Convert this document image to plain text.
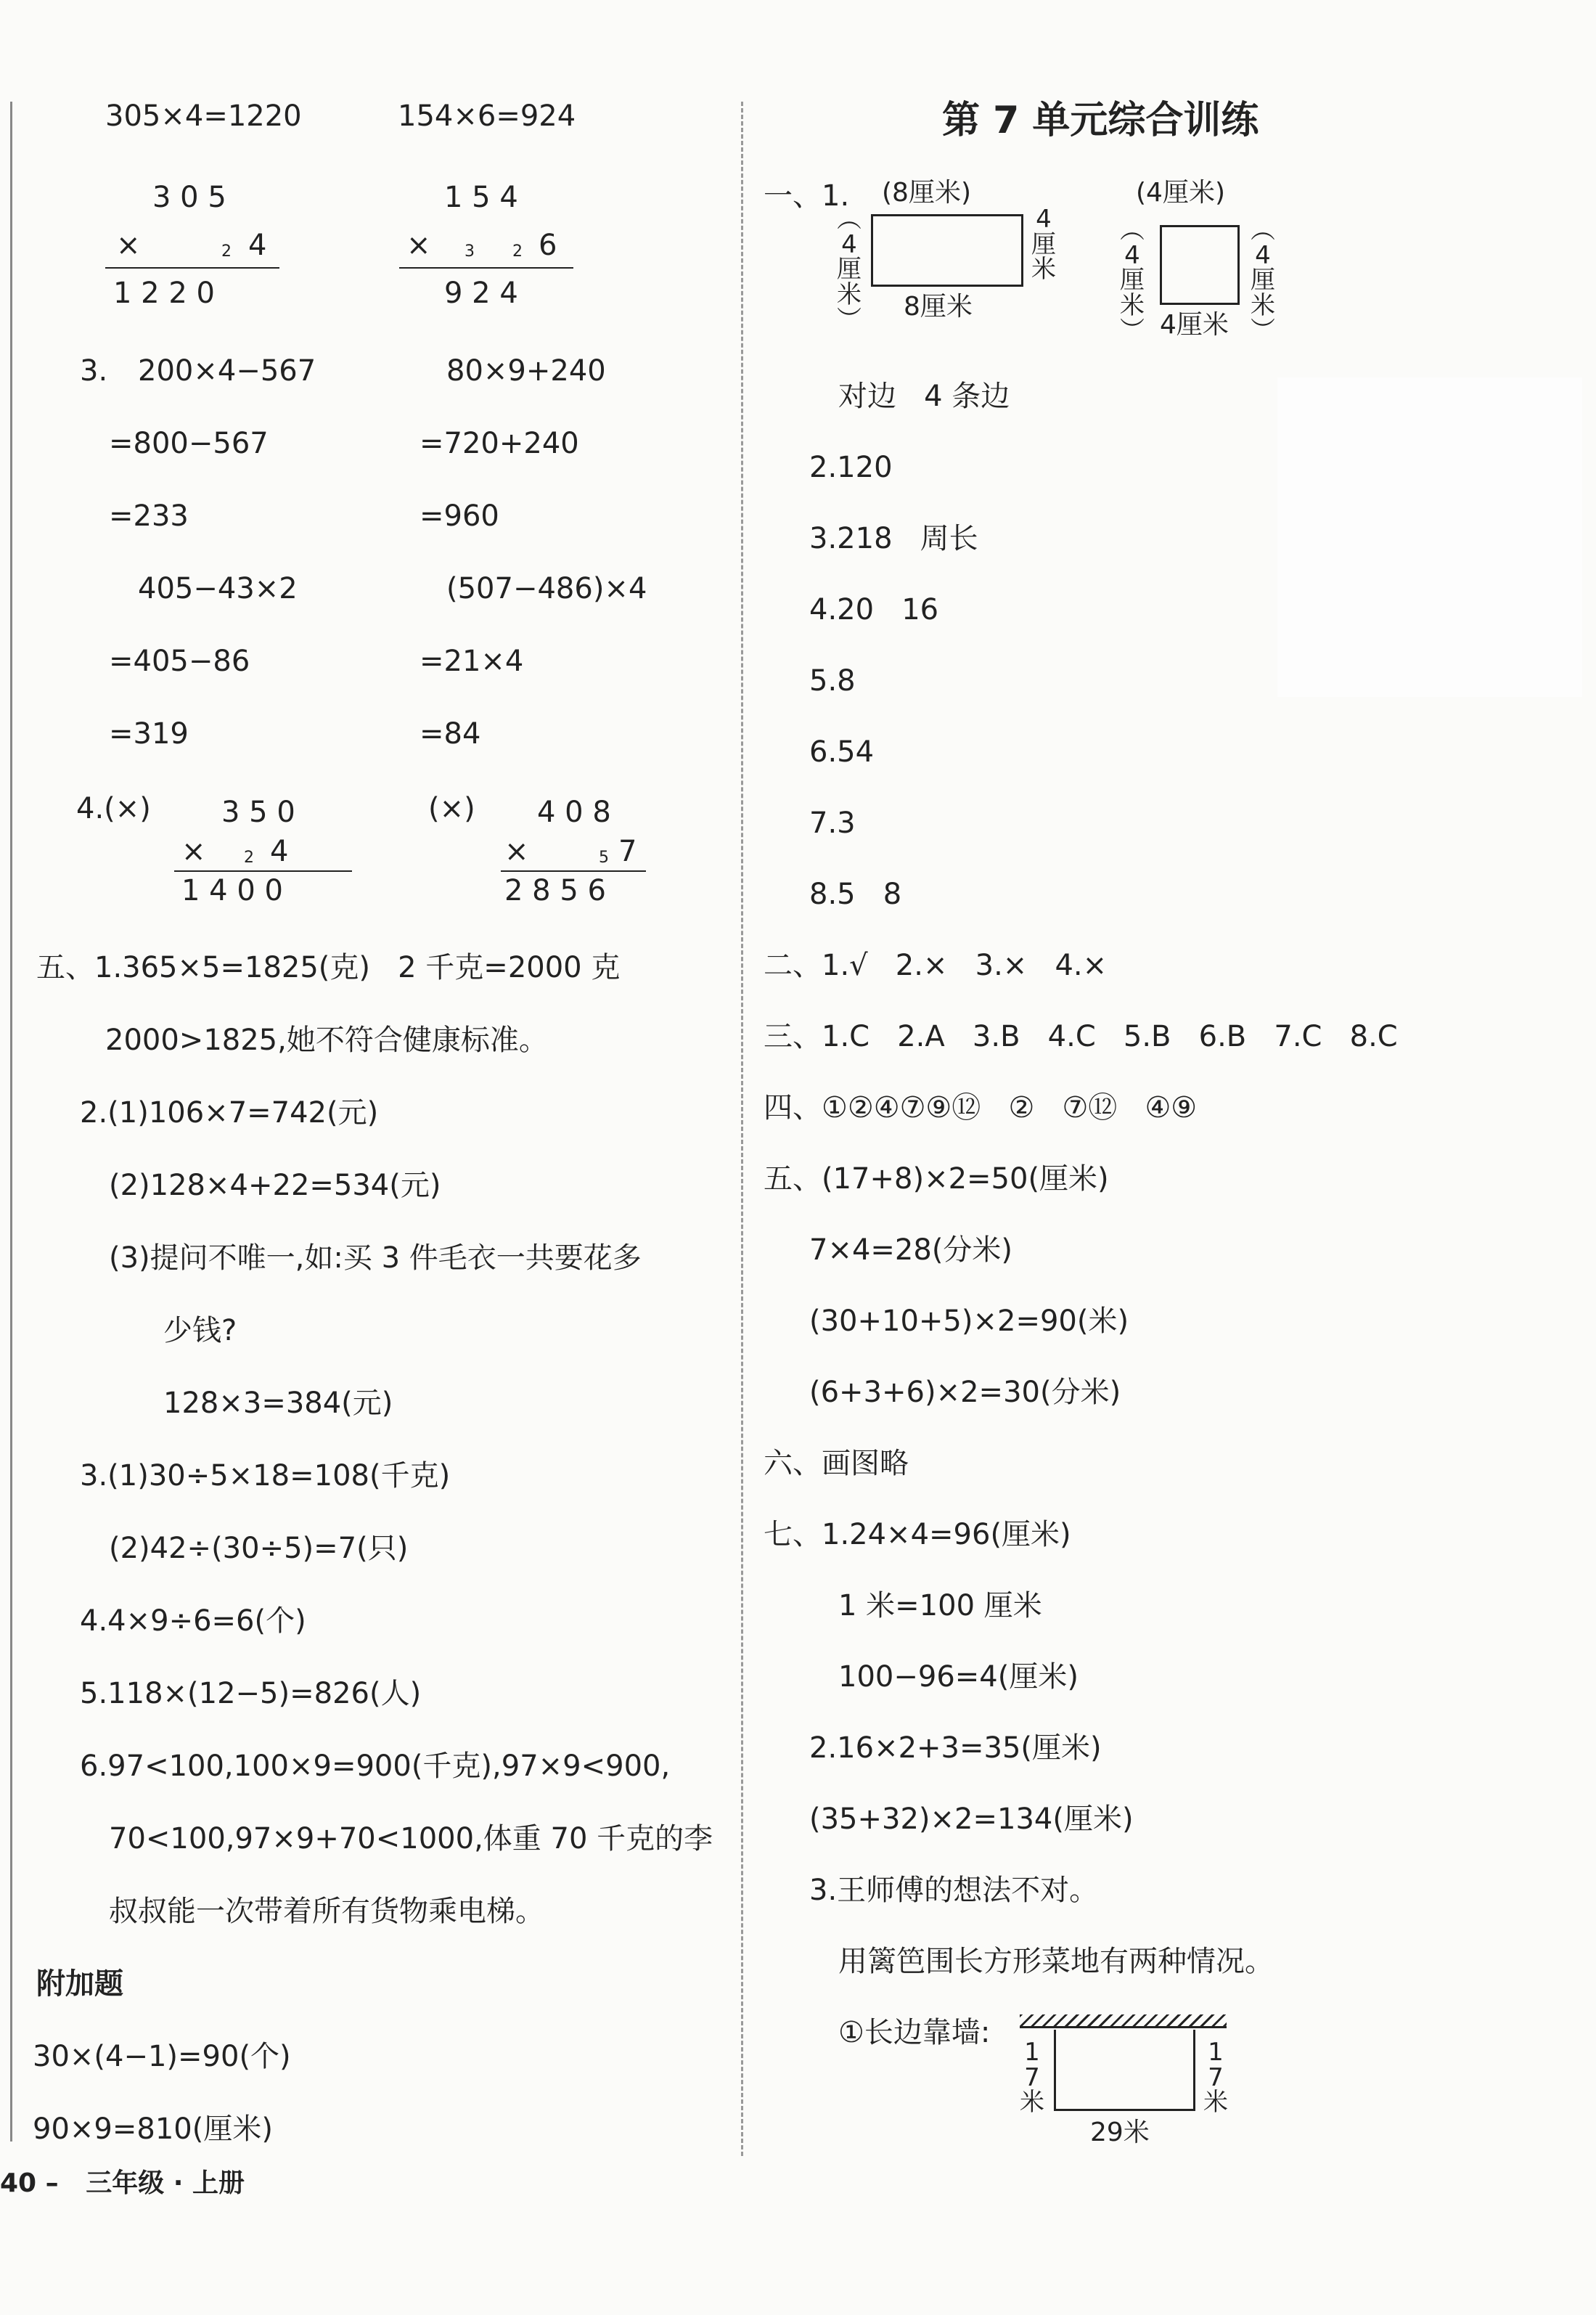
305×4=1220	154×6=924
3 0 5
×	2 4
1 2 2 0
1 5 4
× 3 2 6
9 2 4
3. 200×4−567	80×9+240
=800−567	=720+240
=233	=960
405−43×2	(507−486)×4
=405−86	=21×4
=319	=84
4.(×) 3 5 0
× 2 4
1 4 0 0
(×) 4 0 8
×	5 7
2 8 5 6
五、1.365×5=1825(克)   2 千克=2000 克
2000>1825,她不符合健康标准。
2.(1)106×7=742(元)
(2)128×4+22=534(元)
(3)提问不唯一,如:买 3 件毛衣一共要花多
少钱?
128×3=384(元)
3.(1)30÷5×18=108(千克)
(2)42÷(30÷5)=7(只)
4.4×9÷6=6(个)
5.118×(12−5)=826(人)
6.97<100,100×9=900(千克),97×9<900,
70<100,97×9+70<1000,体重 70 千克的李
叔叔能一次带着所有货物乘电梯。
附加题
30×(4−1)=90(个)
90×9=810(厘米)
40 –   三年级 · 上册
第 7 单元综合训练
一、1. (8厘米)
8厘米
︵
4
厘
米
︶
4
厘
米
(4厘米)
4厘米
︵
4
厘
米
︶
︵
4
厘
米
︶
对边   4 条边
2.120
3.218   周长
4.20   16
5.8
6.54
7.3
8.5   8
二、1.√   2.×   3.×   4.×
三、1.C   2.A   3.B   4.C   5.B   6.B   7.C   8.C
四、①②④⑦⑨⑫   ②   ⑦⑫   ④⑨
五、(17+8)×2=50(厘米)
7×4=28(分米)
(30+10+5)×2=90(米)
(6+3+6)×2=30(分米)
六、画图略
七、1.24×4=96(厘米)
1 米=100 厘米
100−96=4(厘米)
2.16×2+3=35(厘米)
(35+32)×2=134(厘米)
3.王师傅的想法不对。
用篱笆围长方形菜地有两种情况。
①长边靠墙:
1
7
米
1
7
米
29米
